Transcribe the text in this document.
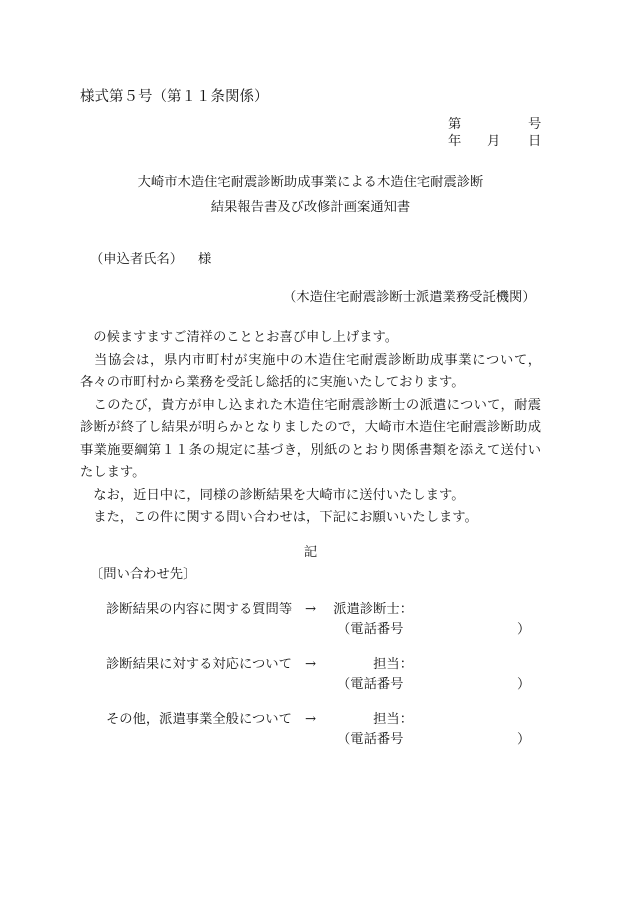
様式第５号（第１１条関係）
第	号
年 月 日
大崎市木造住宅耐震診断助成事業による木造住宅耐震診断
結果報告書及び改修計画案通知書
（申込者氏名） 様
（木造住宅耐震診断士派遣業務受託機関）
　の候ますますご清祥のこととお喜び申し上げます。
　当協会は，県内市町村が実施中の木造住宅耐震診断助成事業について，
各々の市町村から業務を受託し総括的に実施いたしております。
　このたび，貴方が申し込まれた木造住宅耐震診断士の派遣について，耐震
診断が終了し結果が明らかとなりましたので，大崎市木造住宅耐震診断助成
事業施要綱第１１条の規定に基づき，別紙のとおり関係書類を添えて送付い
たします。
　なお，近日中に，同様の診断結果を大崎市に送付いたします。
　また，この件に関する問い合わせは，下記にお願いいたします。
記
〔問い合わせ先〕
診断結果の内容に関する質問等 → 派遣診断士：
（電話番号	）
診断結果に対する対応について →	担当：
（電話番号	）
その他，派遣事業全般について →	担当：
（電話番号	）
